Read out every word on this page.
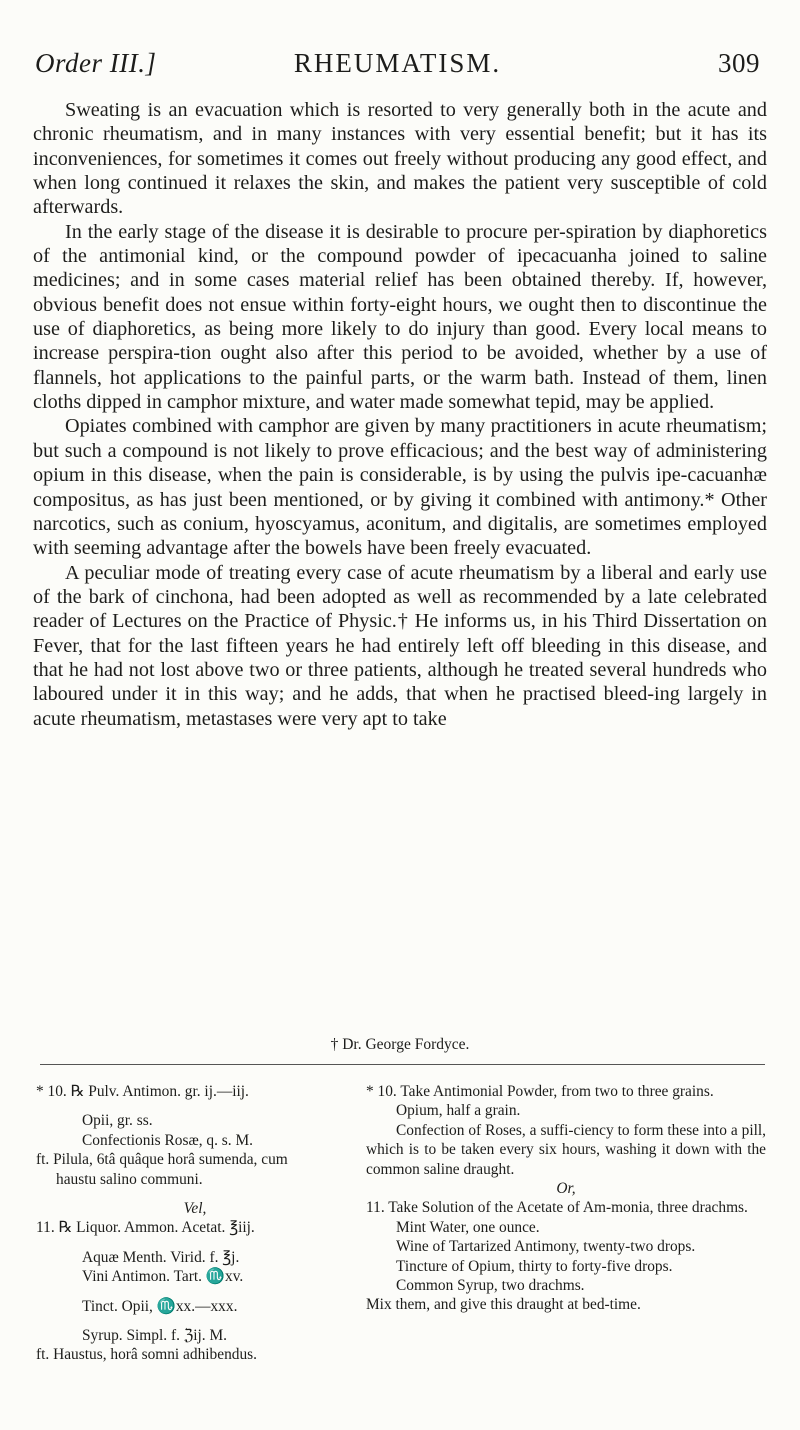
Order III.]	RHEUMATISM.	309

Sweating is an evacuation which is resorted to very generally both in the acute and chronic rheumatism, and in many instances with very essential benefit; but it has its inconveniences, for sometimes it comes out freely without producing any good effect, and when long continued it relaxes the skin, and makes the patient very susceptible of cold afterwards.

In the early stage of the disease it is desirable to procure per-spiration by diaphoretics of the antimonial kind, or the compound powder of ipecacuanha joined to saline medicines; and in some cases material relief has been obtained thereby. If, however, obvious benefit does not ensue within forty-eight hours, we ought then to discontinue the use of diaphoretics, as being more likely to do injury than good. Every local means to increase perspira-tion ought also after this period to be avoided, whether by a use of flannels, hot applications to the painful parts, or the warm bath. Instead of them, linen cloths dipped in camphor mixture, and water made somewhat tepid, may be applied.

Opiates combined with camphor are given by many practitioners in acute rheumatism; but such a compound is not likely to prove efficacious; and the best way of administering opium in this disease, when the pain is considerable, is by using the pulvis ipe-cacuanhæ compositus, as has just been mentioned, or by giving it combined with antimony.* Other narcotics, such as conium, hyoscyamus, aconitum, and digitalis, are sometimes employed with seeming advantage after the bowels have been freely evacuated.

A peculiar mode of treating every case of acute rheumatism by a liberal and early use of the bark of cinchona, had been adopted as well as recommended by a late celebrated reader of Lectures on the Practice of Physic.† He informs us, in his Third Dissertation on Fever, that for the last fifteen years he had entirely left off bleeding in this disease, and that he had not lost above two or three patients, although he treated several hundreds who laboured under it in this way; and he adds, that when he practised bleed-ing largely in acute rheumatism, metastases were very apt to take

† Dr. George Fordyce.
* 10. ℞ Pulv. Antimon. gr. ij.—iij.
Opii, gr. ss.
Confectionis Rosæ, q. s. M.
ft. Pilula, 6tâ quâque horâ sumenda, cum
haustu salino communi.
Vel,
11. ℞ Liquor. Ammon. Acetat. ℥iij.
Aquæ Menth. Virid. f. ℥j.
Vini Antimon. Tart. ♏xv.
Tinct. Opii, ♏xx.—xxx.
Syrup. Simpl. f. ℨij. M.
ft. Haustus, horâ somni adhibendus.
* 10. Take Antimonial Powder, from two to three grains.
Opium, half a grain.
Confection of Roses, a suffi-ciency to form these into a pill, which is to be taken every six hours, washing it down with the common saline draught.
Or,
11. Take Solution of the Acetate of Am-monia, three drachms.
Mint Water, one ounce.
Wine of Tartarized Antimony, twenty-two drops.
Tincture of Opium, thirty to forty-five drops.
Common Syrup, two drachms.
Mix them, and give this draught at bed-time.
